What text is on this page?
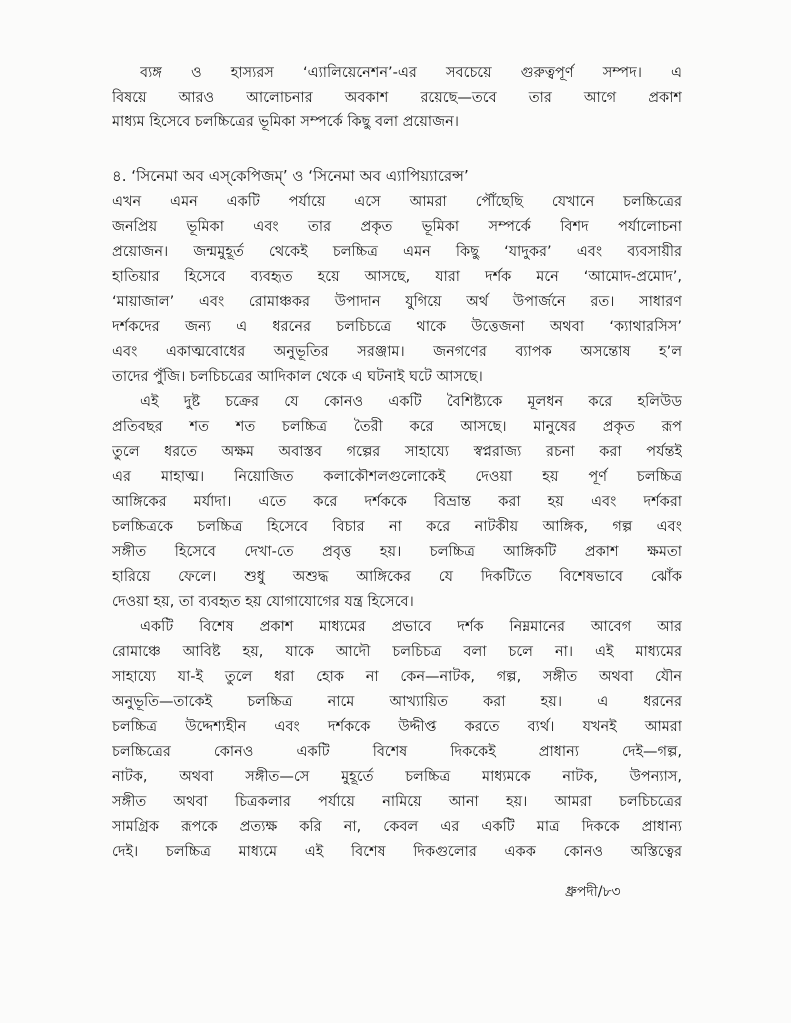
ব্যঙ্গ ও হাস্যরস ‘এ্যালিয়েনেশন’-এর সবচেয়ে গুরুত্বপূর্ণ সম্পদ। এ
বিষয়ে আরও আলোচনার অবকাশ রয়েছে—তবে তার আগে প্রকাশ
মাধ্যম হিসেবে চলচ্চিত্রের ভূমিকা সম্পর্কে কিছু বলা প্রয়োজন।
৪. ‘সিনেমা অব এস্‌কেপিজম্‌’ ও ‘সিনেমা অব এ্যাপিয়্যারেন্স’
এখন এমন একটি পর্যায়ে এসে আমরা পৌঁছেছি যেখানে চলচ্চিত্রের
জনপ্রিয় ভূমিকা এবং তার প্রকৃত ভূমিকা সম্পর্কে বিশদ পর্যালোচনা
প্রয়োজন। জন্মমুহূর্ত থেকেই চলচ্চিত্র এমন কিছু ‘যাদুকর’ এবং ব্যবসায়ীর
হাতিয়ার হিসেবে ব্যবহৃত হয়ে আসছে, যারা দর্শক মনে ‘আমোদ-প্রমোদ’,
‘মায়াজাল’ এবং রোমাঞ্চকর উপাদান যুগিয়ে অর্থ উপার্জনে রত। সাধারণ
দর্শকদের জন্য এ ধরনের চলচিচত্রে থাকে উত্তেজনা অথবা ‘ক্যাথারসিস’
এবং একাত্মবোধের অনুভূতির সরঞ্জাম। জনগণের ব্যাপক অসন্তোষ হ’ল
তাদের পুঁজি। চলচিচত্রের আদিকাল থেকে এ ঘটনাই ঘটে আসছে।
এই দুষ্ট চক্রের যে কোনও একটি বৈশিষ্ট্যকে মূলধন করে হলিউড
প্রতিবছর শত শত চলচ্চিত্র তৈরী করে আসছে। মানুষের প্রকৃত রূপ
তুলে ধরতে অক্ষম অবাস্তব গল্পের সাহায্যে স্বপ্নরাজ্য রচনা করা পর্যন্তই
এর মাহাত্ম। নিয়োজিত কলাকৌশলগুলোকেই দেওয়া হয় পূর্ণ চলচ্চিত্র
আঙ্গিকের মর্যাদা। এতে করে দর্শককে বিভ্রান্ত করা হয় এবং দর্শকরা
চলচ্চিত্রকে চলচ্চিত্র হিসেবে বিচার না করে নাটকীয় আঙ্গিক, গল্প এবং
সঙ্গীত হিসেবে দেখা-তে প্রবৃত্ত হয়। চলচ্চিত্র আঙ্গিকটি প্রকাশ ক্ষমতা
হারিয়ে ফেলে। শুধু অশুদ্ধ আঙ্গিকের যে দিকটিতে বিশেষভাবে ঝোঁক
দেওয়া হয়, তা ব্যবহৃত হয় যোগাযোগের যন্ত্র হিসেবে।
একটি বিশেষ প্রকাশ মাধ্যমের প্রভাবে দর্শক নিম্নমানের আবেগ আর
রোমাঞ্চে আবিষ্ট হয়, যাকে আদৌ চলচিচত্র বলা চলে না। এই মাধ্যমের
সাহায্যে যা-ই তুলে ধরা হোক না কেন—নাটক, গল্প, সঙ্গীত অথবা যৌন
অনুভূতি—তাকেই চলচ্চিত্র নামে আখ্যায়িত করা হয়। এ ধরনের
চলচ্চিত্র উদ্দেশ্যহীন এবং দর্শককে উদ্দীপ্ত করতে ব্যর্থ। যখনই আমরা
চলচ্চিত্রের কোনও একটি বিশেষ দিককেই প্রাধান্য দেই—গল্প,
নাটক, অথবা সঙ্গীত—সে মুহূর্তে চলচ্চিত্র মাধ্যমকে নাটক, উপন্যাস,
সঙ্গীত অথবা চিত্রকলার পর্যায়ে নামিয়ে আনা হয়। আমরা চলচিচত্রের
সামগ্রিক রূপকে প্রত্যক্ষ করি না, কেবল এর একটি মাত্র দিককে প্রাধান্য
দেই। চলচ্চিত্র মাধ্যমে এই বিশেষ দিকগুলোর একক কোনও অস্তিত্বের
ধ্রুপদী/৮৩
